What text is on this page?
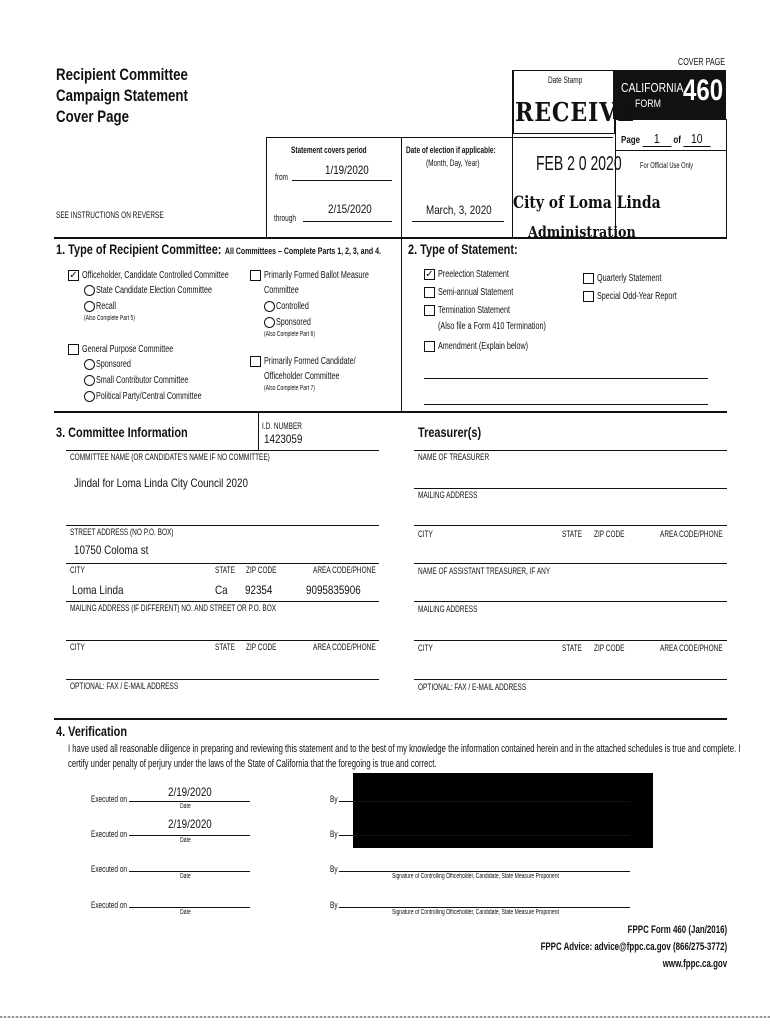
COVER PAGE
Recipient Committee
Campaign Statement
Cover Page
Date Stamp	CALIFORNIA
FORM 460
RECEIVE
Page 1 of 10
For Official Use Only
Statement covers period
from	1/19/2020
through
2/15/2020
Date of election if applicable:
(Month, Day, Year)	FEB 2 0 2020
March, 3, 2020 City of Loma Linda
Administration
SEE INSTRUCTIONS ON REVERSE
1. Type of Recipient Committee: All Committees – Complete Parts 1, 2, 3, and 4.
✓ Officeholder, Candidate Controlled Committee
State Candidate Election Committee
Recall
(Also Complete Part 5)
General Purpose Committee
Sponsored
Small Contributor Committee
Political Party/Central Committee
Primarily Formed Ballot Measure
Committee
Controlled
Sponsored
(Also Complete Part 6)
Primarily Formed Candidate/
Officeholder Committee
(Also Complete Part 7)
2. Type of Statement:
✓ Preelection Statement
Semi-annual Statement
Termination Statement
(Also file a Form 410 Termination)
Amendment (Explain below)
Quarterly Statement
Special Odd-Year Report
3. Committee Information	I.D. NUMBER
1423059
COMMITTEE NAME (OR CANDIDATE'S NAME IF NO COMMITTEE)
Jindal for Loma Linda City Council 2020
STREET ADDRESS (NO P.O. BOX)
10750 Coloma st
CITY	STATE ZIP CODE	AREA CODE/PHONE
Loma Linda	Ca 92354	9095835906
MAILING ADDRESS (IF DIFFERENT) NO. AND STREET OR P.O. BOX
CITY	STATE ZIP CODE	AREA CODE/PHONE
OPTIONAL: FAX / E-MAIL ADDRESS
Treasurer(s)
NAME OF TREASURER
MAILING ADDRESS
CITY	STATE ZIP CODE	AREA CODE/PHONE
NAME OF ASSISTANT TREASURER, IF ANY
MAILING ADDRESS
CITY	STATE ZIP CODE	AREA CODE/PHONE
OPTIONAL: FAX / E-MAIL ADDRESS
4. Verification
I have used all reasonable diligence in preparing and reviewing this statement and to the best of my knowledge the information contained herein and in the attached schedules is true and complete. I
certify under penalty of perjury under the laws of the State of California that the foregoing is true and correct.
Executed on	2/19/2020
Date
By
Executed on
2/19/2020
Date
By
Executed on
Date
By
Signature of Controlling Officeholder, Candidate, State Measure Proponent
Executed on
Date
By
Signature of Controlling Officeholder, Candidate, State Measure Proponent
FPPC Form 460 (Jan/2016)
FPPC Advice: advice@fppc.ca.gov (866/275-3772)
www.fppc.ca.gov
